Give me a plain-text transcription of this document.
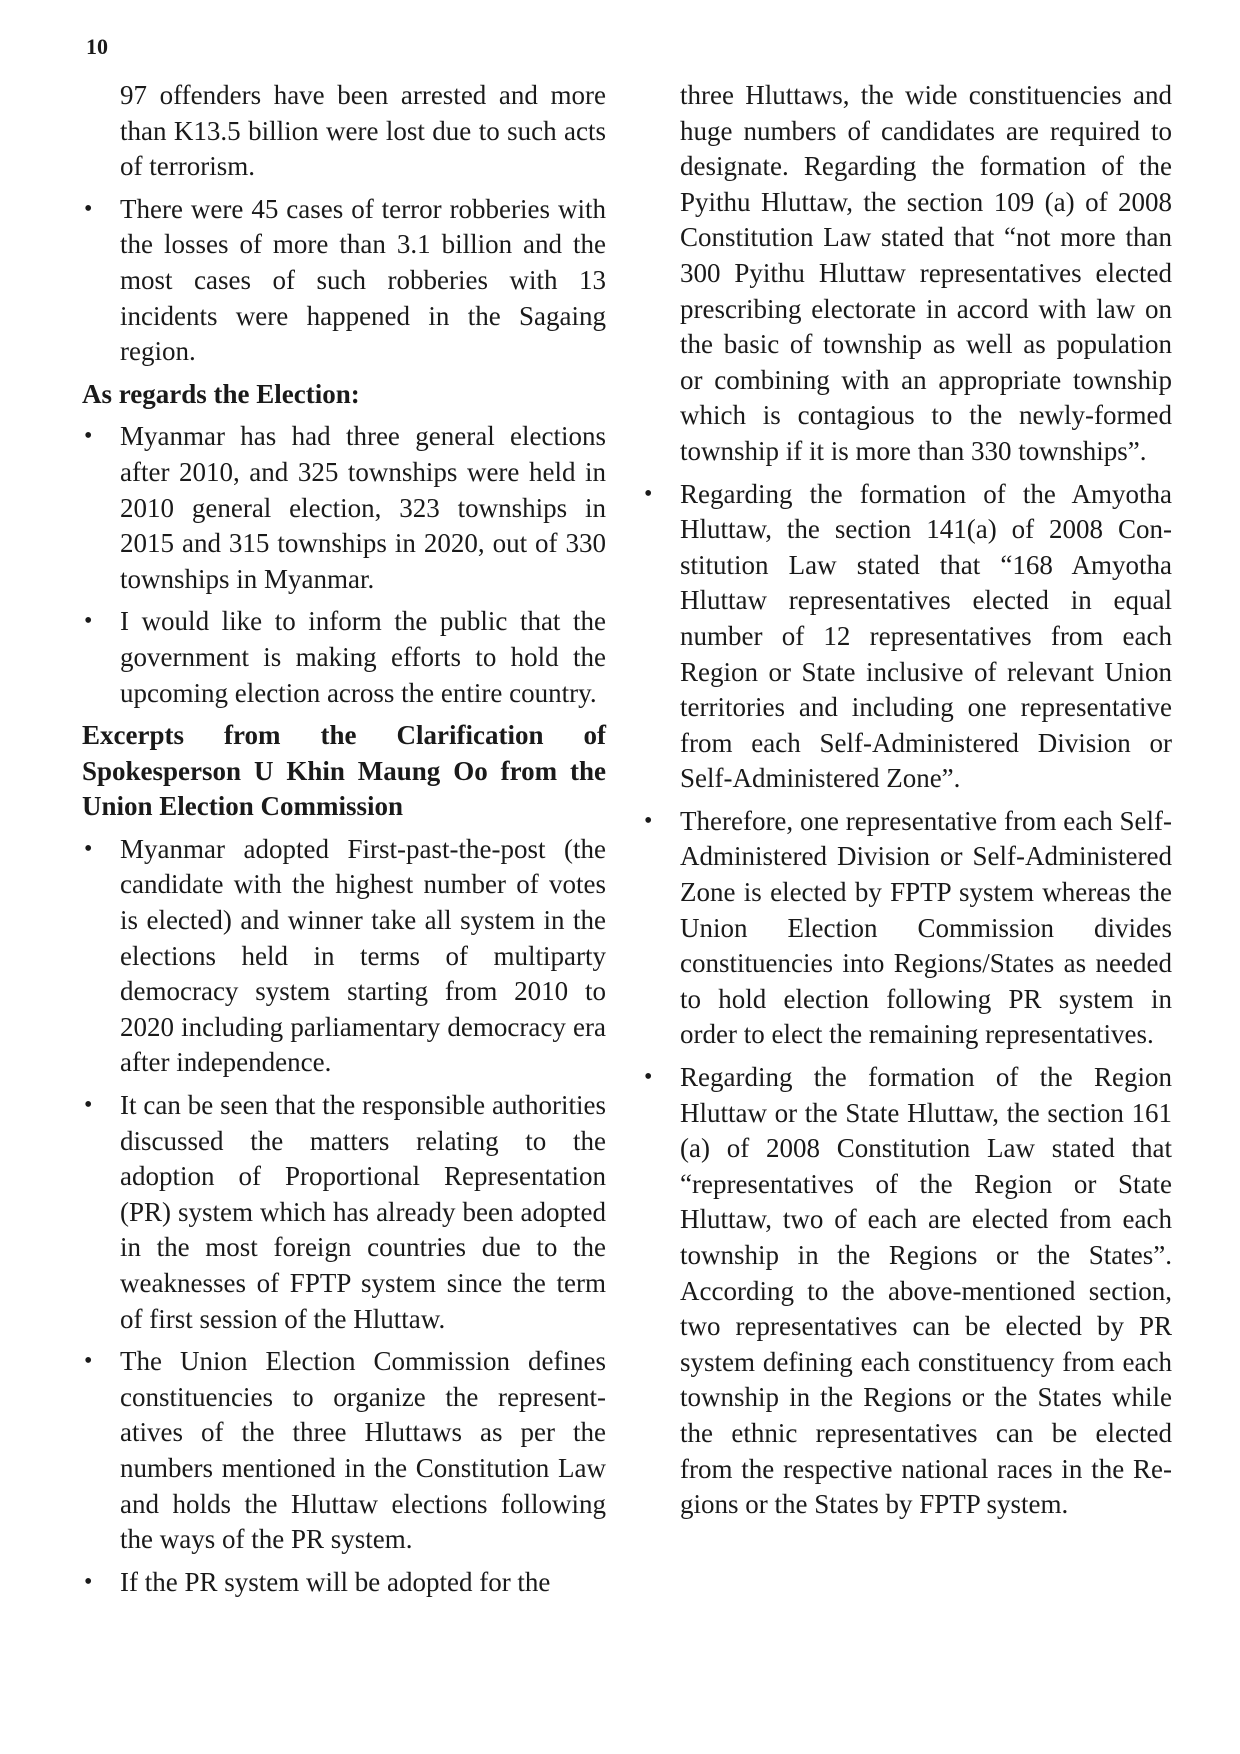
10
97 offenders have been arrested and more than K13.5 billion were lost due to such acts of terrorism.
• There were 45 cases of terror robberies with the losses of more than 3.1 billion and the most cases of such robberies with 13 incidents were happened in the Sagaing region.
As regards the Election:
• Myanmar has had three general elections after 2010, and 325 townships were held in 2010 general election, 323 townships in 2015 and 315 townships in 2020, out of 330 townships in Myanmar.
• I would like to inform the public that the government is making efforts to hold the upcoming election across the entire country.
Excerpts from the Clarification of Spokesperson U Khin Maung Oo from the Union Election Commission
• Myanmar adopted First-past-the-post (the candidate with the highest number of votes is elected) and winner take all system in the elections held in terms of multiparty democracy system starting from 2010 to 2020 including parliamentary democracy era after independence.
• It can be seen that the responsible authorities discussed the matters relating to the adoption of Proportional Representation (PR) system which has already been adopted in the most foreign countries due to the weaknesses of FPTP system since the term of first session of the Hluttaw.
• The Union Election Commission defines constituencies to organize the representatives of the three Hluttaws as per the numbers mentioned in the Constitution Law and holds the Hluttaw elections following the ways of the PR system.
• If the PR system will be adopted for the
three Hluttaws, the wide constituencies and huge numbers of candidates are required to designate. Regarding the formation of the Pyithu Hluttaw, the section 109 (a) of 2008 Constitution Law stated that “not more than 300 Pyithu Hluttaw representatives elected prescribing electorate in accord with law on the basic of township as well as population or combining with an appropriate township which is contagious to the newly-formed township if it is more than 330 townships”.
• Regarding the formation of the Amyotha Hluttaw, the section 141(a) of 2008 Constitution Law stated that “168 Amyotha Hluttaw representatives elected in equal number of 12 representatives from each Region or State inclusive of relevant Union territories and including one representative from each Self-Administered Division or Self-Administered Zone”.
• Therefore, one representative from each Self-Administered Division or Self-Administered Zone is elected by FPTP system whereas the Union Election Commission divides constituencies into Regions/States as needed to hold election following PR system in order to elect the remaining representatives.
• Regarding the formation of the Region Hluttaw or the State Hluttaw, the section 161 (a) of 2008 Constitution Law stated that “representatives of the Region or State Hluttaw, two of each are elected from each township in the Regions or the States”. According to the above-mentioned section, two representatives can be elected by PR system defining each constituency from each township in the Regions or the States while the ethnic representatives can be elected from the respective national races in the Regions or the States by FPTP system.
